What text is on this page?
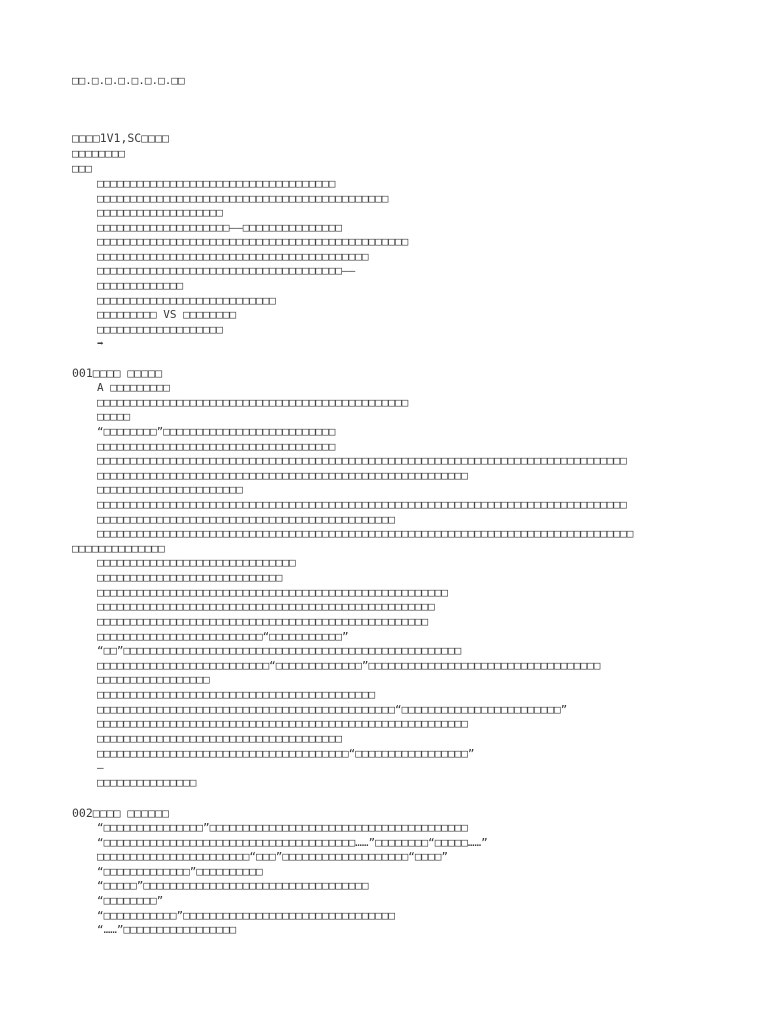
□□.□.□.□.□.□.□.□□
□□□□1V1,SC□□□□
□□□□□□□□
□□□
□□□□□□□□□□□□□□□□□□□□□□□□□□□□□□□□□□□□
□□□□□□□□□□□□□□□□□□□□□□□□□□□□□□□□□□□□□□□□□□□□
□□□□□□□□□□□□□□□□□□□
□□□□□□□□□□□□□□□□□□□□——□□□□□□□□□□□□□□□
□□□□□□□□□□□□□□□□□□□□□□□□□□□□□□□□□□□□□□□□□□□□□□□
□□□□□□□□□□□□□□□□□□□□□□□□□□□□□□□□□□□□□□□□□
□□□□□□□□□□□□□□□□□□□□□□□□□□□□□□□□□□□□□——
□□□□□□□□□□□□□
□□□□□□□□□□□□□□□□□□□□□□□□□□□
□□□□□□□□□ VS □□□□□□□□
□□□□□□□□□□□□□□□□□□□
➡
001□□□□ □□□□□
A □□□□□□□□□
□□□□□□□□□□□□□□□□□□□□□□□□□□□□□□□□□□□□□□□□□□□□□□□
□□□□□
“□□□□□□□□”□□□□□□□□□□□□□□□□□□□□□□□□□□
□□□□□□□□□□□□□□□□□□□□□□□□□□□□□□□□□□□□
□□□□□□□□□□□□□□□□□□□□□□□□□□□□□□□□□□□□□□□□□□□□□□□□□□□□□□□□□□□□□□□□□□□□□□□□□□□□□□□□
□□□□□□□□□□□□□□□□□□□□□□□□□□□□□□□□□□□□□□□□□□□□□□□□□□□□□□□□
□□□□□□□□□□□□□□□□□□□□□□
□□□□□□□□□□□□□□□□□□□□□□□□□□□□□□□□□□□□□□□□□□□□□□□□□□□□□□□□□□□□□□□□□□□□□□□□□□□□□□□□
□□□□□□□□□□□□□□□□□□□□□□□□□□□□□□□□□□□□□□□□□□□□□
□□□□□□□□□□□□□□□□□□□□□□□□□□□□□□□□□□□□□□□□□□□□□□□□□□□□□□□□□□□□□□□□□□□□□□□□□□□□□□□□□
□□□□□□□□□□□□□□
□□□□□□□□□□□□□□□□□□□□□□□□□□□□□□
□□□□□□□□□□□□□□□□□□□□□□□□□□□□
□□□□□□□□□□□□□□□□□□□□□□□□□□□□□□□□□□□□□□□□□□□□□□□□□□□□□
□□□□□□□□□□□□□□□□□□□□□□□□□□□□□□□□□□□□□□□□□□□□□□□□□□□
□□□□□□□□□□□□□□□□□□□□□□□□□□□□□□□□□□□□□□□□□□□□□□□□□□
□□□□□□□□□□□□□□□□□□□□□□□□□“□□□□□□□□□□□”
“□□”□□□□□□□□□□□□□□□□□□□□□□□□□□□□□□□□□□□□□□□□□□□□□□□□□□□
□□□□□□□□□□□□□□□□□□□□□□□□□□“□□□□□□□□□□□□□”□□□□□□□□□□□□□□□□□□□□□□□□□□□□□□□□□□□
□□□□□□□□□□□□□□□□□
□□□□□□□□□□□□□□□□□□□□□□□□□□□□□□□□□□□□□□□□□□
□□□□□□□□□□□□□□□□□□□□□□□□□□□□□□□□□□□□□□□□□□□□□“□□□□□□□□□□□□□□□□□□□□□□□□”
□□□□□□□□□□□□□□□□□□□□□□□□□□□□□□□□□□□□□□□□□□□□□□□□□□□□□□□□
□□□□□□□□□□□□□□□□□□□□□□□□□□□□□□□□□□□□□
□□□□□□□□□□□□□□□□□□□□□□□□□□□□□□□□□□□□□□“□□□□□□□□□□□□□□□□□”
—
□□□□□□□□□□□□□□□
002□□□□ □□□□□□
“□□□□□□□□□□□□□□□”□□□□□□□□□□□□□□□□□□□□□□□□□□□□□□□□□□□□□□□
“□□□□□□□□□□□□□□□□□□□□□□□□□□□□□□□□□□□□□□……”□□□□□□□□“□□□□□……”
□□□□□□□□□□□□□□□□□□□□□□□“□□□”□□□□□□□□□□□□□□□□□□□“□□□□”
“□□□□□□□□□□□□□”□□□□□□□□□□
“□□□□□”□□□□□□□□□□□□□□□□□□□□□□□□□□□□□□□□□□
“□□□□□□□□”
“□□□□□□□□□□□”□□□□□□□□□□□□□□□□□□□□□□□□□□□□□□□□
“……”□□□□□□□□□□□□□□□□□
